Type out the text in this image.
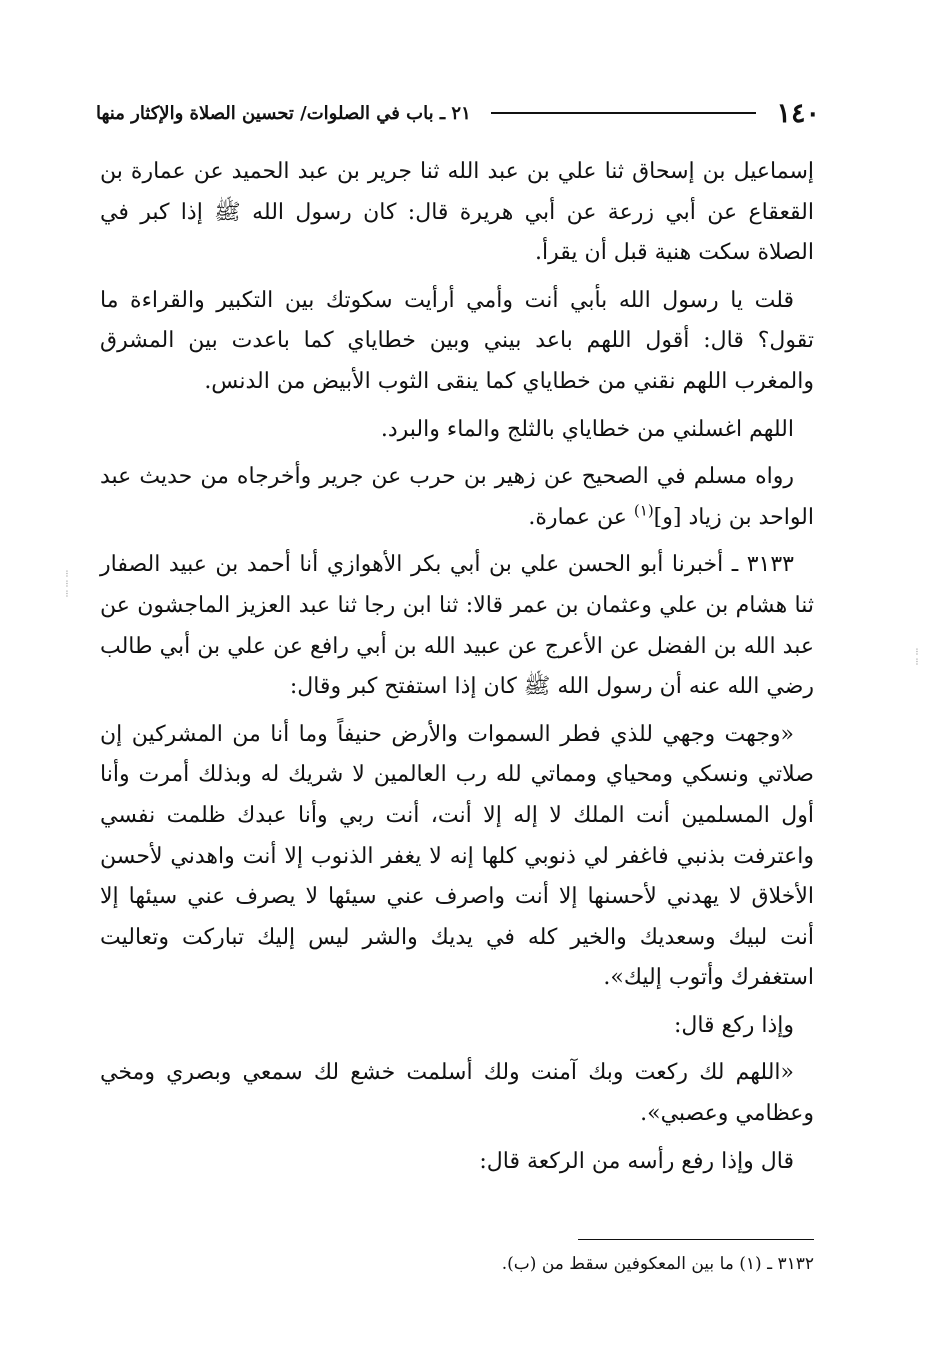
١٤٠
٢١ ـ باب في الصلوات/ تحسين الصلاة والإكثار منها

إسماعيل بن إسحاق ثنا علي بن عبد الله ثنا جرير بن عبد الحميد عن عمارة بن القعقاع عن أبي زرعة عن أبي هريرة قال: كان رسول الله ﷺ إذا كبر في الصلاة سكت هنية قبل أن يقرأ.

قلت يا رسول الله بأبي أنت وأمي أرأيت سكوتك بين التكبير والقراءة ما تقول؟ قال: أقول اللهم باعد بيني وبين خطاياي كما باعدت بين المشرق والمغرب اللهم نقني من خطاياي كما ينقى الثوب الأبيض من الدنس.

اللهم اغسلني من خطاياي بالثلج والماء والبرد.

رواه مسلم في الصحيح عن زهير بن حرب عن جرير وأخرجاه من حديث عبد الواحد بن زياد [و]$^{(١)}$ عن عمارة.

٣١٣٣ ـ أخبرنا أبو الحسن علي بن أبي بكر الأهوازي أنا أحمد بن عبيد الصفار ثنا هشام بن علي وعثمان بن عمر قالا: ثنا ابن رجا ثنا عبد العزيز الماجشون عن عبد الله بن الفضل عن الأعرج عن عبيد الله بن أبي رافع عن علي بن أبي طالب رضي الله عنه أن رسول الله ﷺ كان إذا استفتح كبر وقال:

«وجهت وجهي للذي فطر السموات والأرض حنيفاً وما أنا من المشركين إن صلاتي ونسكي ومحياي ومماتي لله رب العالمين لا شريك له وبذلك أمرت وأنا أول المسلمين أنت الملك لا إله إلا أنت، أنت ربي وأنا عبدك ظلمت نفسي واعترفت بذنبي فاغفر لي ذنوبي كلها إنه لا يغفر الذنوب إلا أنت واهدني لأحسن الأخلاق لا يهدني لأحسنها إلا أنت واصرف عني سيئها لا يصرف عني سيئها إلا أنت لبيك وسعديك والخير كله في يديك والشر ليس إليك تباركت وتعاليت استغفرك وأتوب إليك».

وإذا ركع قال:

«اللهم لك ركعت وبك آمنت ولك أسلمت خشع لك سمعي وبصري ومخي وعظامي وعصبي».

قال وإذا رفع رأسه من الركعة قال:

٣١٣٢ ـ (١) ما بين المعكوفين سقط من (ب).
⁝
⁝
⁝
⁝
⁝
